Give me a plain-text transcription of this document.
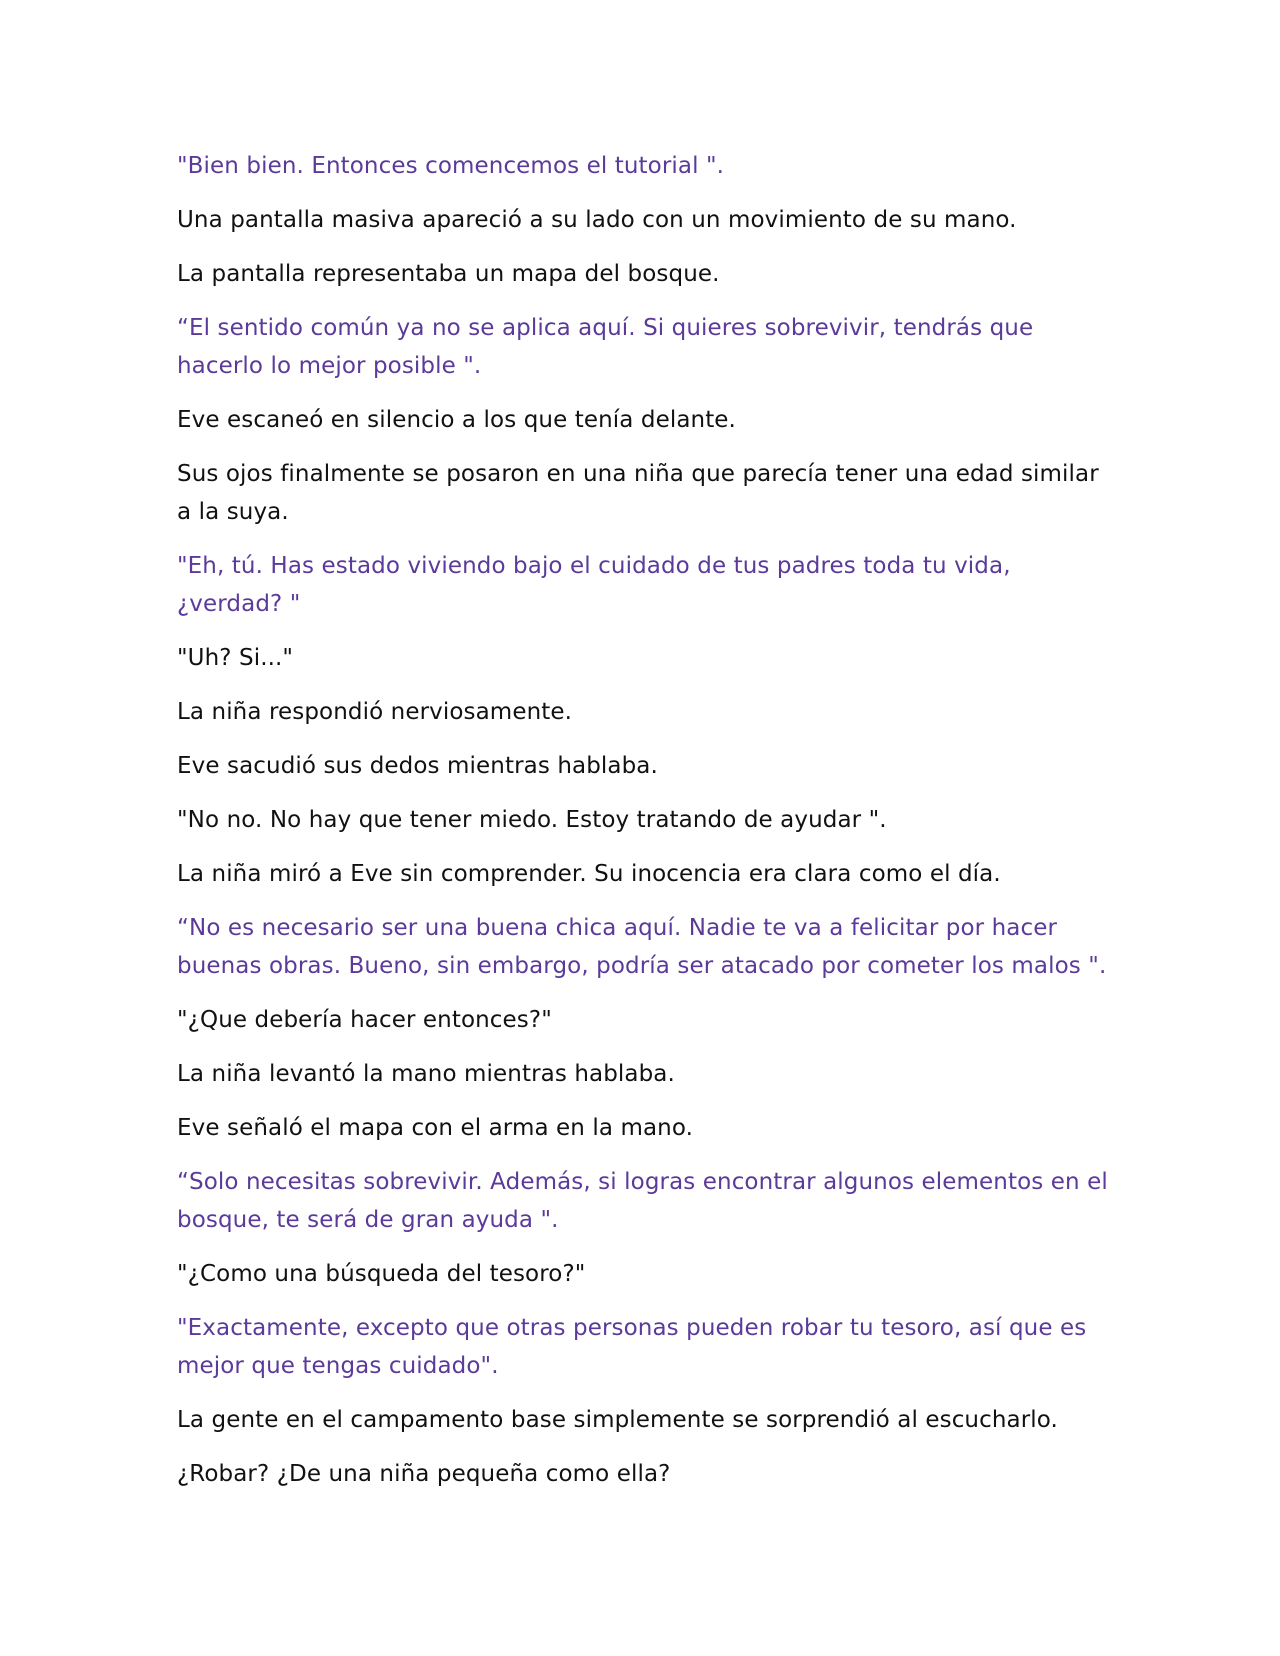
"Bien bien. Entonces comencemos el tutorial ".

Una pantalla masiva apareció a su lado con un movimiento de su mano.

La pantalla representaba un mapa del bosque.

“El sentido común ya no se aplica aquí. Si quieres sobrevivir, tendrás que hacerlo lo mejor posible ".

Eve escaneó en silencio a los que tenía delante.

Sus ojos finalmente se posaron en una niña que parecía tener una edad similar a la suya.

"Eh, tú. Has estado viviendo bajo el cuidado de tus padres toda tu vida, ¿verdad? "

"Uh? Si..."

La niña respondió nerviosamente.

Eve sacudió sus dedos mientras hablaba.

"No no. No hay que tener miedo. Estoy tratando de ayudar ".

La niña miró a Eve sin comprender. Su inocencia era clara como el día.

“No es necesario ser una buena chica aquí. Nadie te va a felicitar por hacer buenas obras. Bueno, sin embargo, podría ser atacado por cometer los malos ".

"¿Que debería hacer entonces?"

La niña levantó la mano mientras hablaba.

Eve señaló el mapa con el arma en la mano.

“Solo necesitas sobrevivir. Además, si logras encontrar algunos elementos en el bosque, te será de gran ayuda ".

"¿Como una búsqueda del tesoro?"

"Exactamente, excepto que otras personas pueden robar tu tesoro, así que es mejor que tengas cuidado".

La gente en el campamento base simplemente se sorprendió al escucharlo.

¿Robar? ¿De una niña pequeña como ella?
